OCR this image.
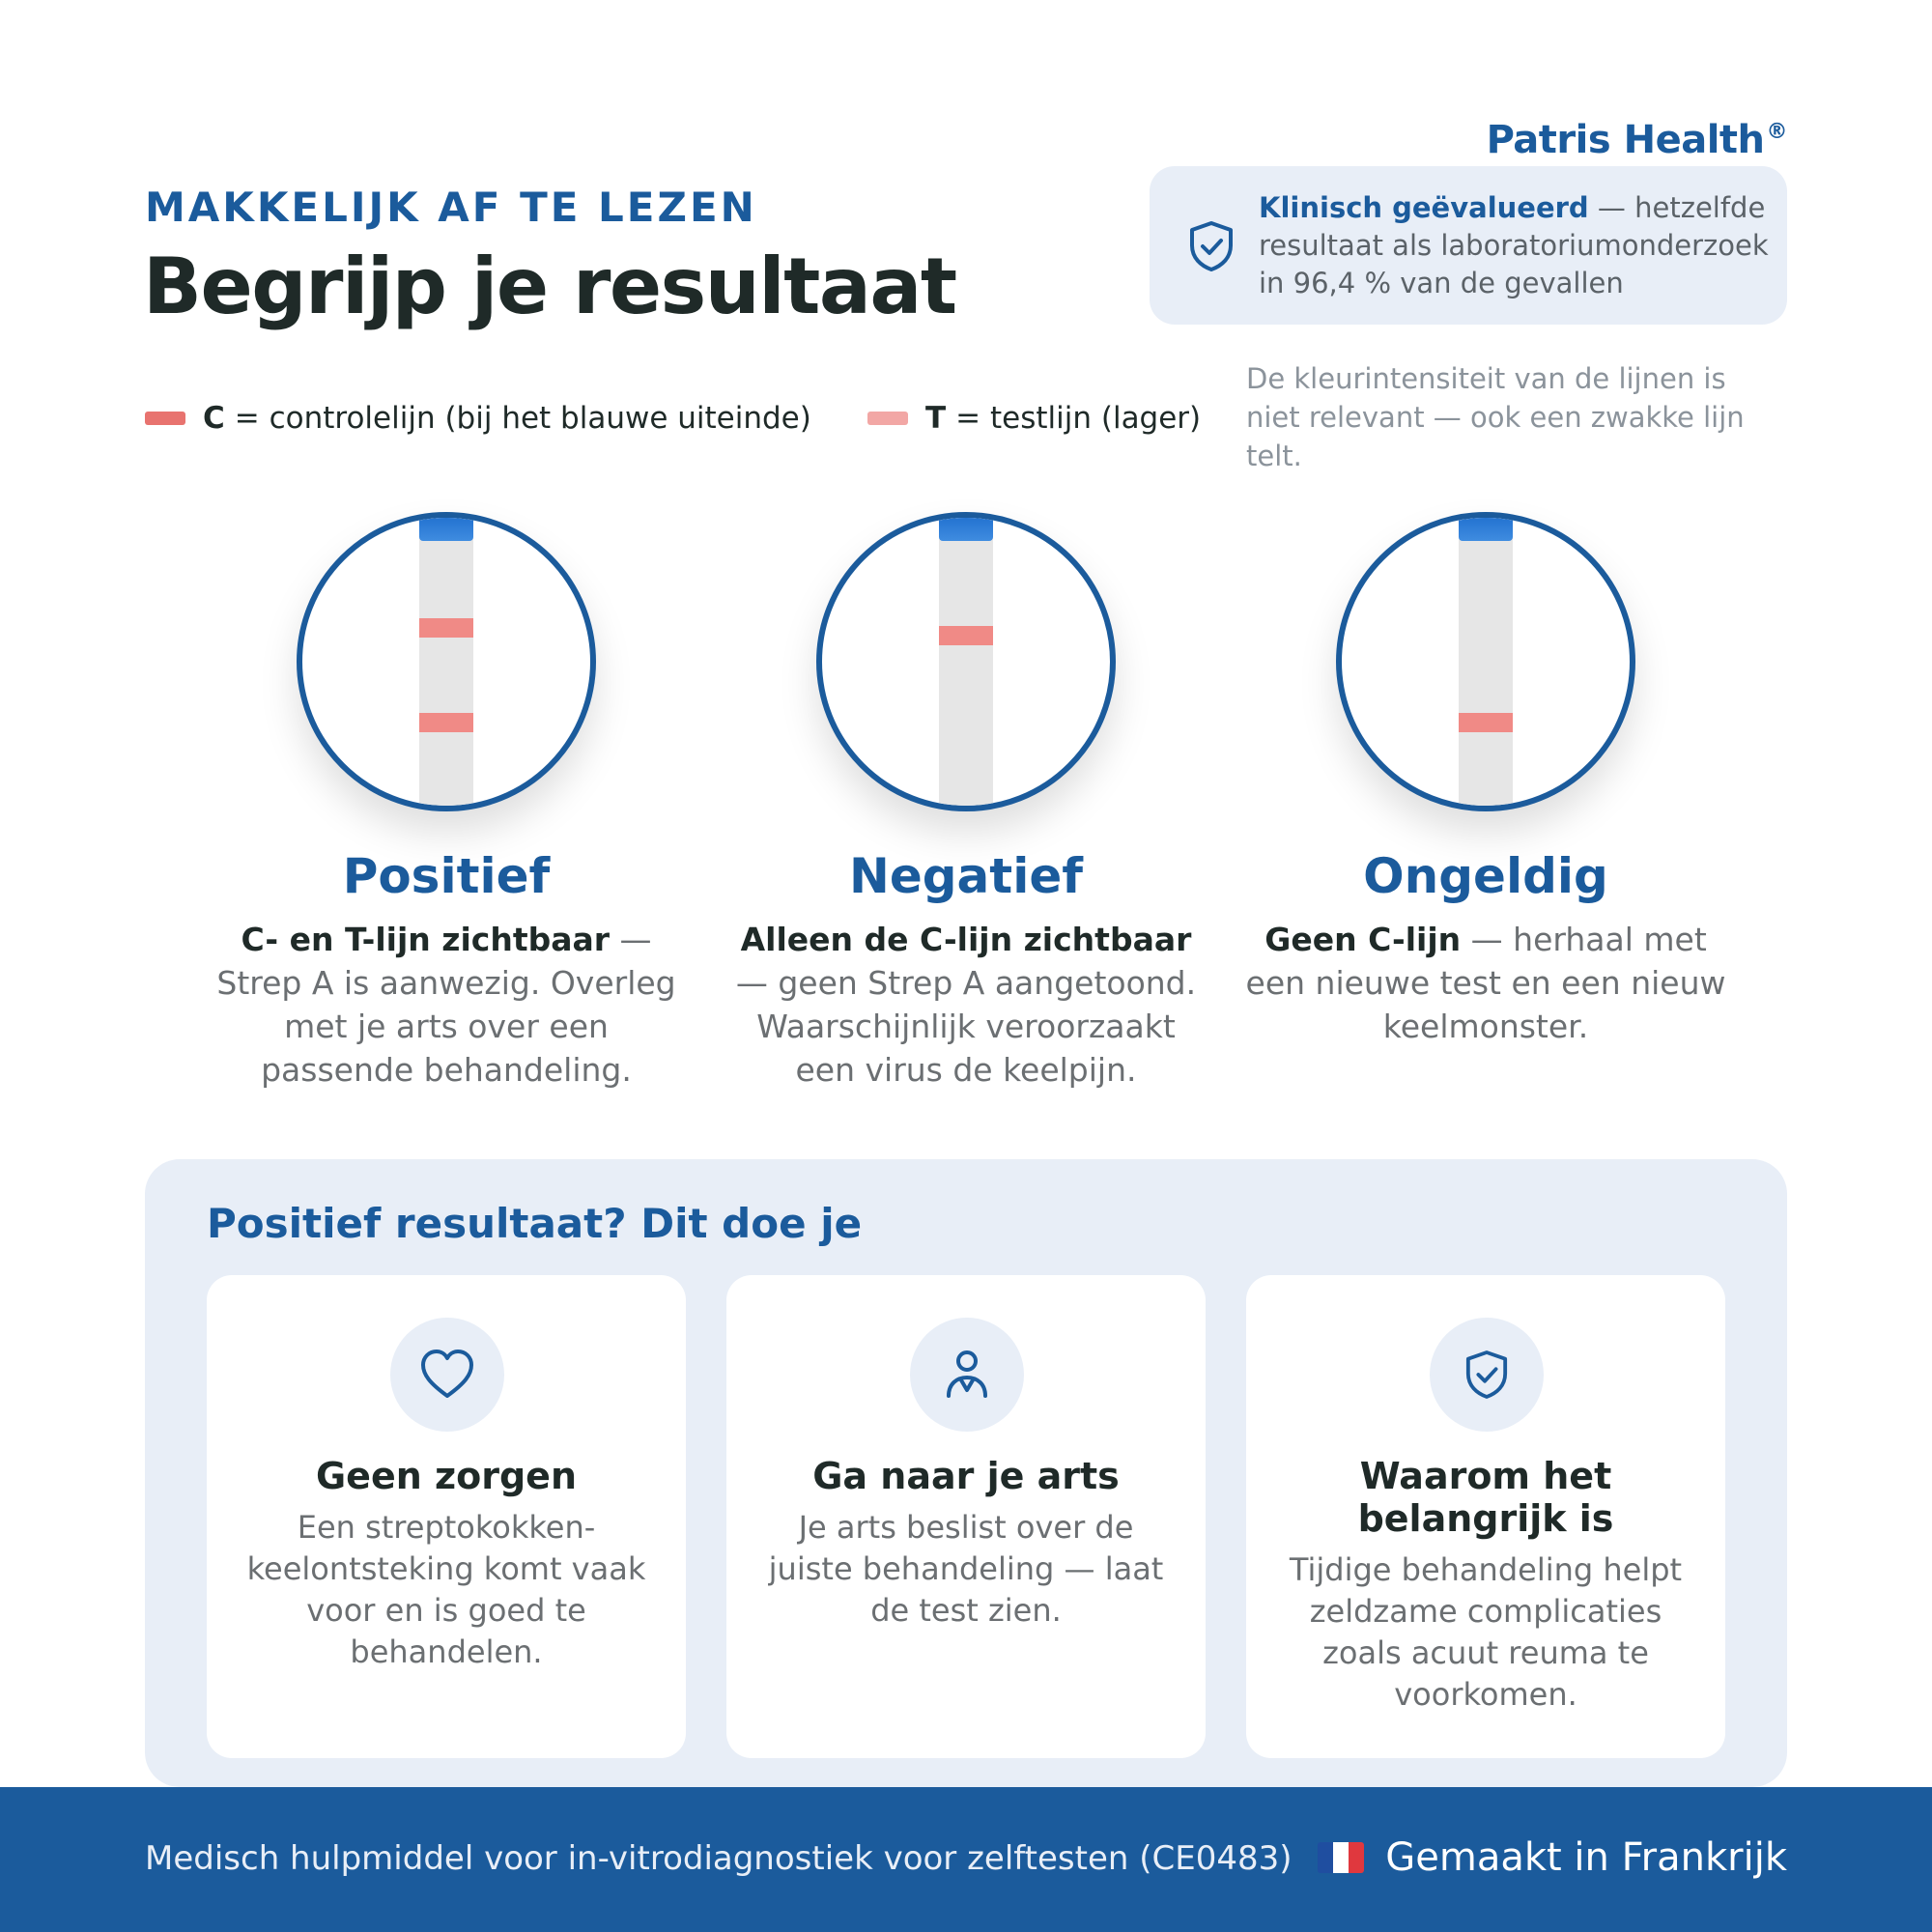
Patris Health®
MAKKELIJK AF TE LEZEN
Begrijp je resultaat
Klinisch geëvalueerd — hetzelfde resultaat als laboratoriumonderzoek in 96,4 % van de gevallen
C = controlelijn (bij het blauwe uiteinde)	T = testlijn (lager)
De kleurintensiteit van de lijnen is niet relevant — ook een zwakke lijn telt.
Positief
C- en T-lijn zichtbaar — Strep A is aanwezig. Overleg met je arts over een passende behandeling.
Negatief
Alleen de C-lijn zichtbaar — geen Strep A aangetoond. Waarschijnlijk veroorzaakt een virus de keelpijn.
Ongeldig
Geen C-lijn — herhaal met een nieuwe test en een nieuw keelmonster.
Positief resultaat? Dit doe je
Geen zorgen
Een streptokokken-keelontsteking komt vaak voor en is goed te behandelen.
Ga naar je arts
Je arts beslist over de juiste behandeling — laat de test zien.
Waarom het belangrijk is
Tijdige behandeling helpt zeldzame complicaties zoals acuut reuma te voorkomen.
Medisch hulpmiddel voor in-vitrodiagnostiek voor zelftesten (CE0483) Gemaakt in Frankrijk
